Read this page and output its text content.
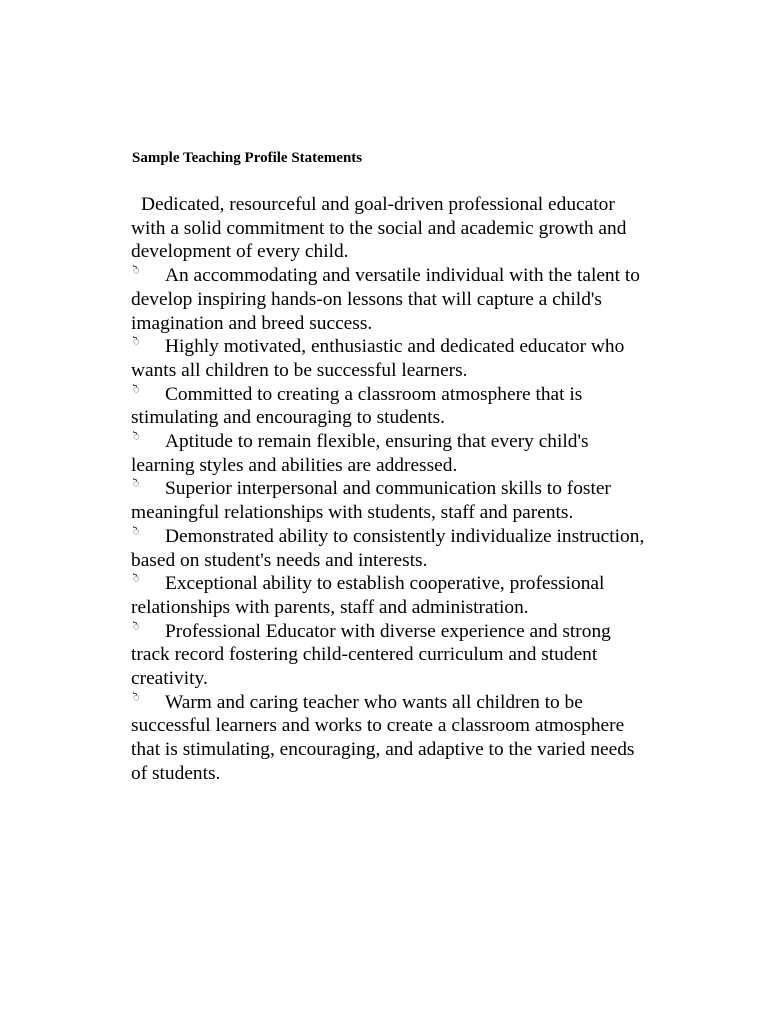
Sample Teaching Profile Statements

Dedicated, resourceful and goal-driven professional educator with a solid commitment to the social and academic growth and development of every child.

ॆ An accommodating and versatile individual with the talent to develop inspiring hands-on lessons that will capture a child's imagination and breed success.
ॆ Highly motivated, enthusiastic and dedicated educator who wants all children to be successful learners.
ॆ Committed to creating a classroom atmosphere that is stimulating and encouraging to students.
ॆ Aptitude to remain flexible, ensuring that every child's learning styles and abilities are addressed.
ॆ Superior interpersonal and communication skills to foster meaningful relationships with students, staff and parents.
ॆ Demonstrated ability to consistently individualize instruction, based on student's needs and interests.
ॆ Exceptional ability to establish cooperative, professional relationships with parents, staff and administration.
ॆ Professional Educator with diverse experience and strong track record fostering child-centered curriculum and student creativity.
ॆ Warm and caring teacher who wants all children to be successful learners and works to create a classroom atmosphere that is stimulating, encouraging, and adaptive to the varied needs of students.
